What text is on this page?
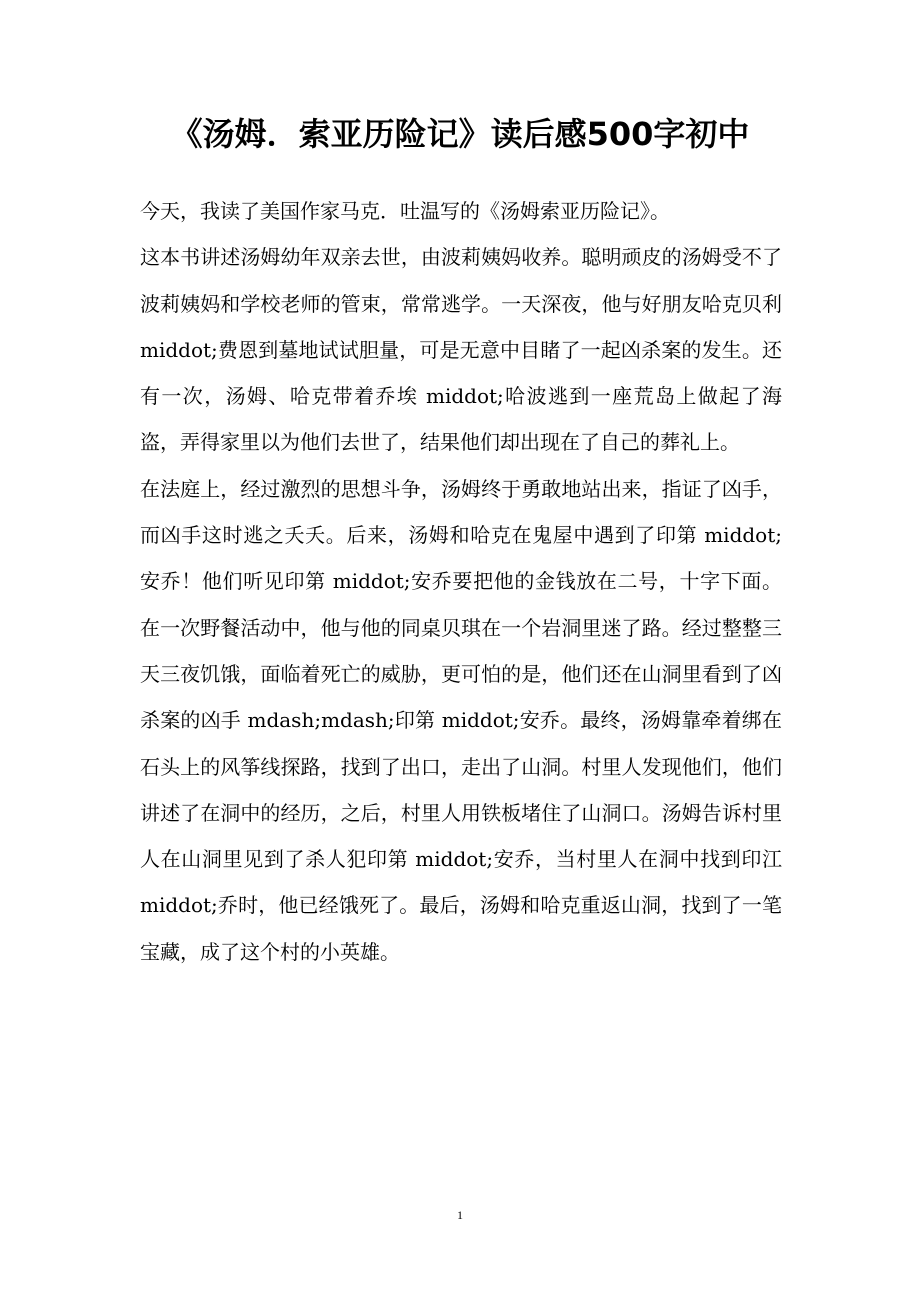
《汤姆．索亚历险记》读后感500字初中

今天，我读了美国作家马克．吐温写的《汤姆索亚历险记》。

这本书讲述汤姆幼年双亲去世，由波莉姨妈收养。聪明顽皮的汤姆受不了波莉姨妈和学校老师的管束，常常逃学。一天深夜，他与好朋友哈克贝利 middot;费恩到墓地试试胆量，可是无意中目睹了一起凶杀案的发生。还有一次，汤姆、哈克带着乔埃 middot;哈波逃到一座荒岛上做起了海盗，弄得家里以为他们去世了，结果他们却出现在了自己的葬礼上。

在法庭上，经过激烈的思想斗争，汤姆终于勇敢地站出来，指证了凶手，而凶手这时逃之夭夭。后来，汤姆和哈克在鬼屋中遇到了印第 middot;安乔！他们听见印第 middot;安乔要把他的金钱放在二号，十字下面。在一次野餐活动中，他与他的同桌贝琪在一个岩洞里迷了路。经过整整三天三夜饥饿，面临着死亡的威胁，更可怕的是，他们还在山洞里看到了凶杀案的凶手 mdash;mdash;印第 middot;安乔。最终，汤姆靠牵着绑在石头上的风筝线探路，找到了出口，走出了山洞。村里人发现他们，他们讲述了在洞中的经历，之后，村里人用铁板堵住了山洞口。汤姆告诉村里人在山洞里见到了杀人犯印第 middot;安乔，当村里人在洞中找到印江 middot;乔时，他已经饿死了。最后，汤姆和哈克重返山洞，找到了一笔宝藏，成了这个村的小英雄。

1
